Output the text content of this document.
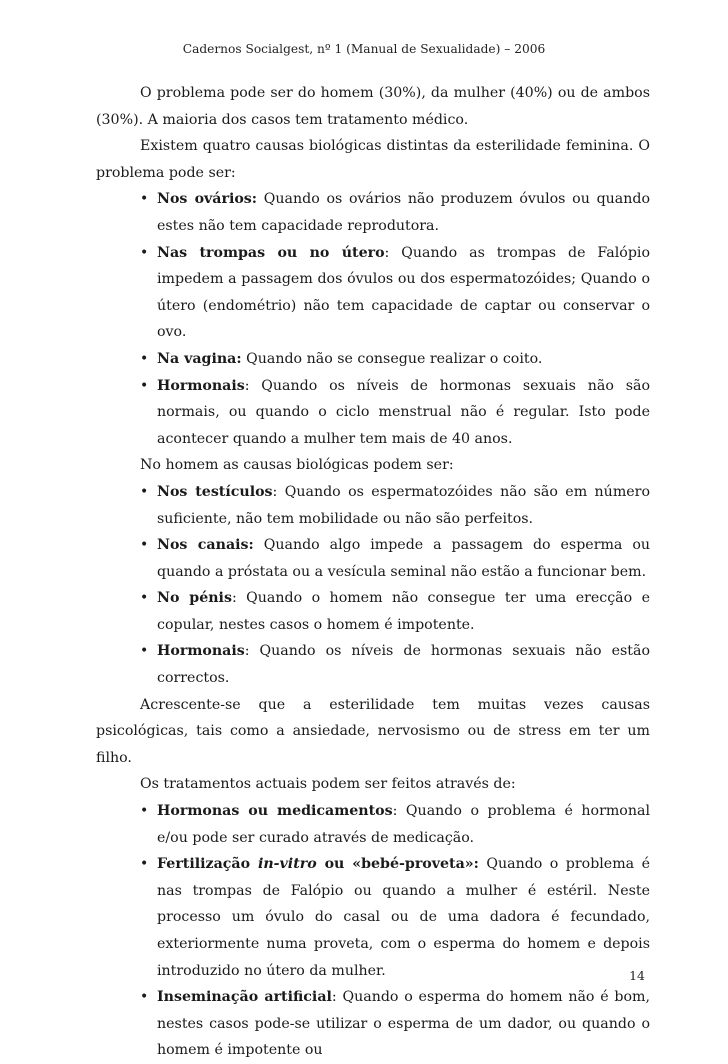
Cadernos Socialgest, nº 1 (Manual de Sexualidade) – 2006

O problema pode ser do homem (30%), da mulher (40%) ou de ambos (30%). A maioria dos casos tem tratamento médico.

Existem quatro causas biológicas distintas da esterilidade feminina. O problema pode ser:

• Nos ovários: Quando os ovários não produzem óvulos ou quando estes não tem capacidade reprodutora.
• Nas trompas ou no útero: Quando as trompas de Falópio impedem a passagem dos óvulos ou dos espermatozóides; Quando o útero (endométrio) não tem capacidade de captar ou conservar o ovo.
• Na vagina: Quando não se consegue realizar o coito.
• Hormonais: Quando os níveis de hormonas sexuais não são normais, ou quando o ciclo menstrual não é regular. Isto pode acontecer quando a mulher tem mais de 40 anos.

No homem as causas biológicas podem ser:

• Nos testículos: Quando os espermatozóides não são em número suficiente, não tem mobilidade ou não são perfeitos.
• Nos canais: Quando algo impede a passagem do esperma ou quando a próstata ou a vesícula seminal não estão a funcionar bem.
• No pénis: Quando o homem não consegue ter uma erecção e copular, nestes casos o homem é impotente.
• Hormonais: Quando os níveis de hormonas sexuais não estão correctos.

Acrescente-se que a esterilidade tem muitas vezes causas psicológicas, tais como a ansiedade, nervosismo ou de stress em ter um filho.

Os tratamentos actuais podem ser feitos através de:

• Hormonas ou medicamentos: Quando o problema é hormonal e/ou pode ser curado através de medicação.
• Fertilização in-vitro ou «bebé-proveta»: Quando o problema é nas trompas de Falópio ou quando a mulher é estéril. Neste processo um óvulo do casal ou de uma dadora é fecundado, exteriormente numa proveta, com o esperma do homem e depois introduzido no útero da mulher.
• Inseminação artificial: Quando o esperma do homem não é bom, nestes casos pode-se utilizar o esperma de um dador, ou quando o homem é impotente ou
14
